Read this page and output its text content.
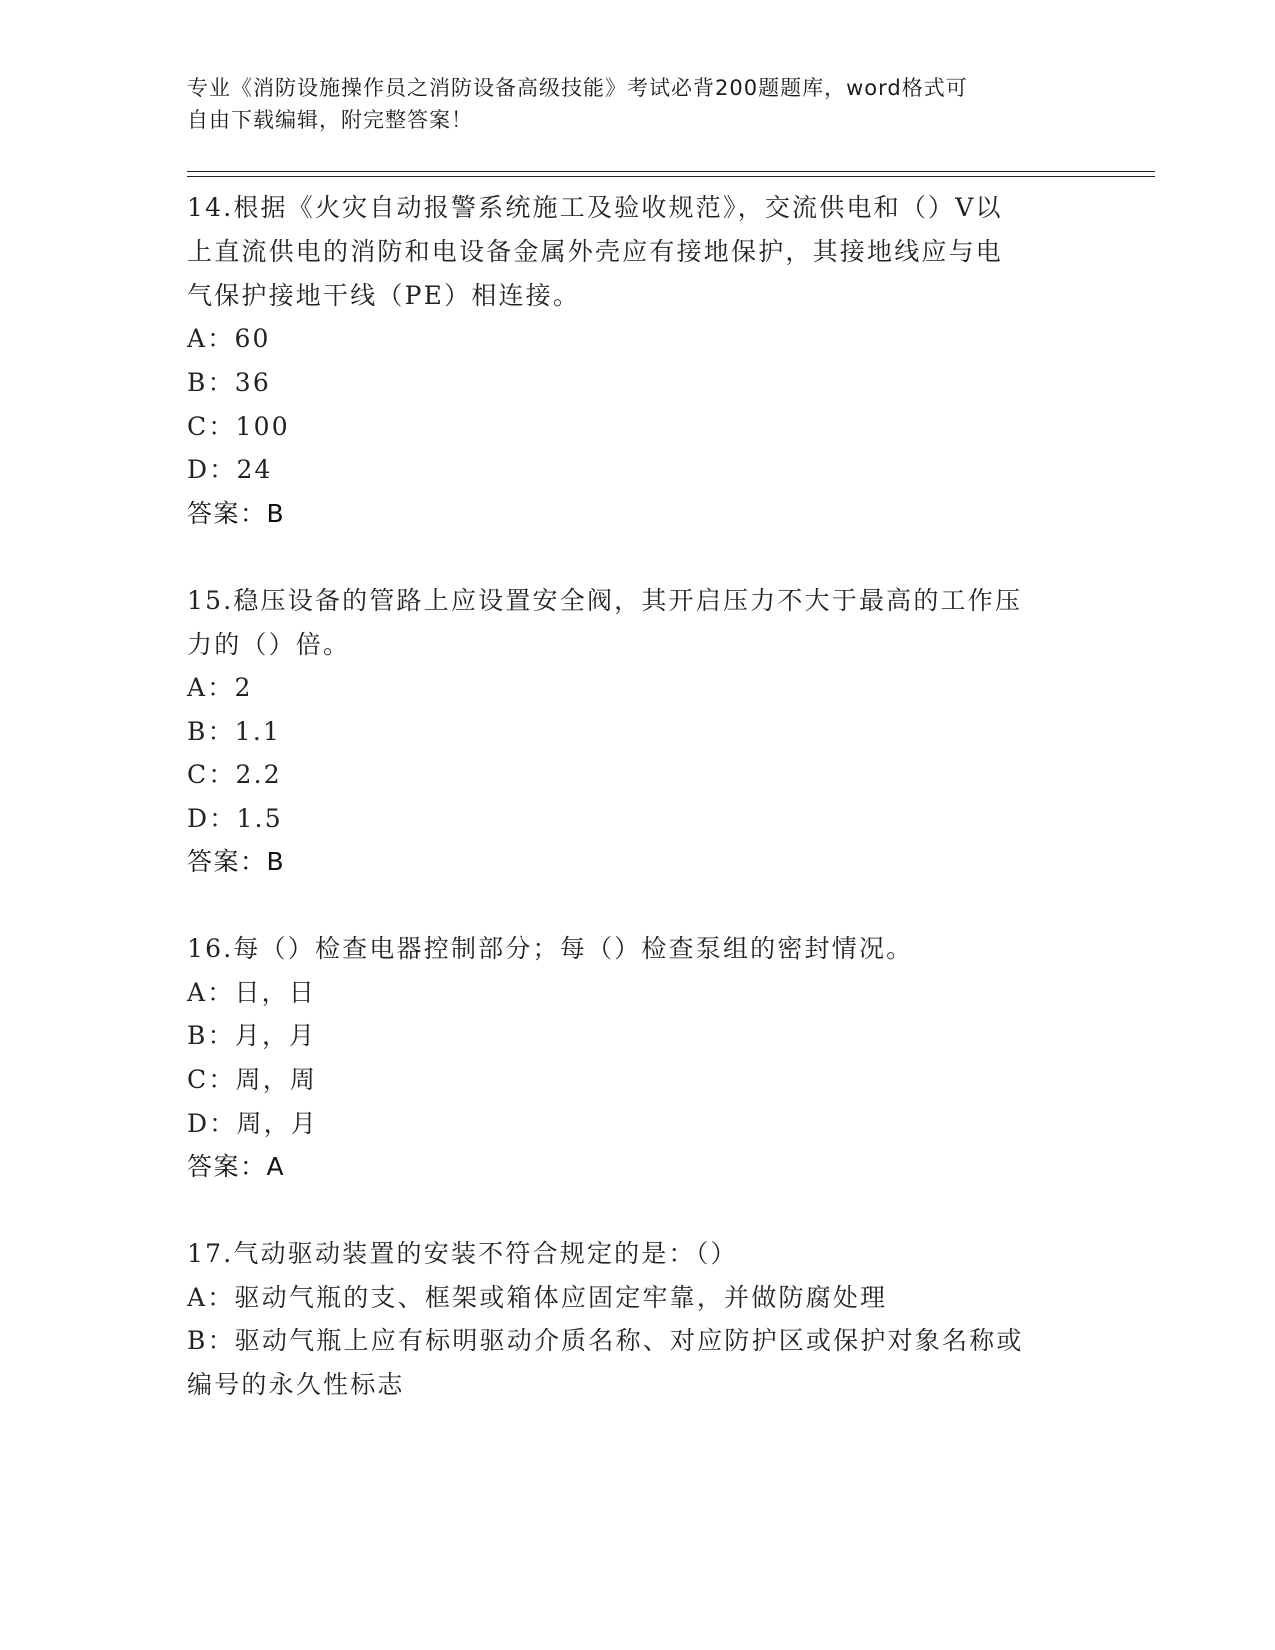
专业《消防设施操作员之消防设备高级技能》考试必背200题题库，word格式可
自由下载编辑，附完整答案！
14.根据《火灾自动报警系统施工及验收规范》，交流供电和（）V以
上直流供电的消防和电设备金属外壳应有接地保护，其接地线应与电
气保护接地干线（PE）相连接。
A：60
B：36
C：100
D：24
答案：B
15.稳压设备的管路上应设置安全阀，其开启压力不大于最高的工作压
力的（）倍。
A：2
B：1.1
C：2.2
D：1.5
答案：B
16.每（）检查电器控制部分；每（）检查泵组的密封情况。
A：日，日
B：月，月
C：周，周
D：周，月
答案：A
17.气动驱动装置的安装不符合规定的是：（）
A：驱动气瓶的支、框架或箱体应固定牢靠，并做防腐处理
B：驱动气瓶上应有标明驱动介质名称、对应防护区或保护对象名称或
编号的永久性标志
